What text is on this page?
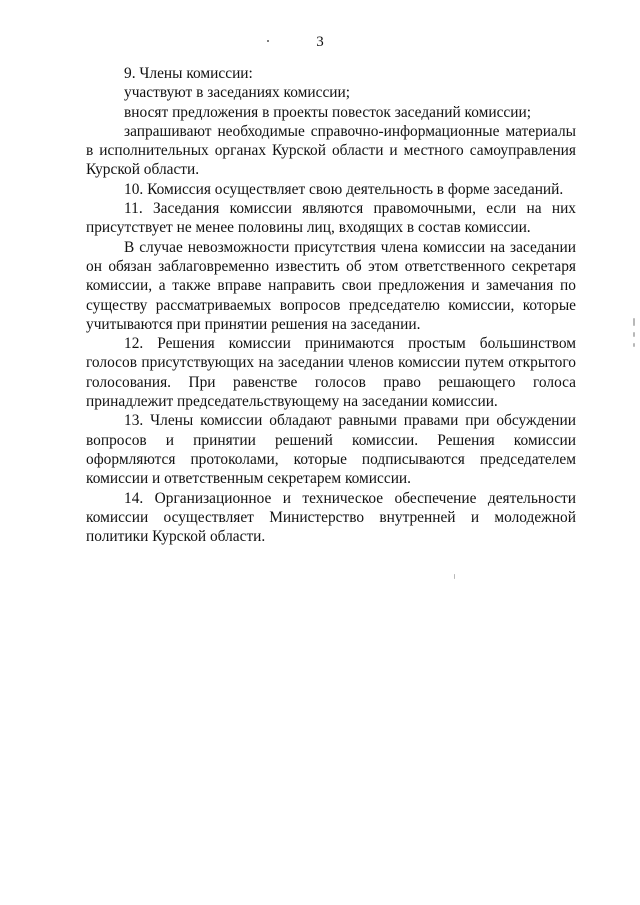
3

9. Члены комиссии:

участвуют в заседаниях комиссии;

вносят предложения в проекты повесток заседаний комиссии;

запрашивают необходимые справочно-информационные материалы в исполнительных органах Курской области и местного самоуправления Курской области.

10. Комиссия осуществляет свою деятельность в форме заседаний.

11. Заседания комиссии являются правомочными, если на них присутствует не менее половины лиц, входящих в состав комиссии.

В случае невозможности присутствия члена комиссии на заседании он обязан заблаговременно известить об этом ответственного секретаря комиссии, а также вправе направить свои предложения и замечания по существу рассматриваемых вопросов председателю комиссии, которые учитываются при принятии решения на заседании.

12. Решения комиссии принимаются простым большинством голосов присутствующих на заседании членов комиссии путем открытого голосования. При равенстве голосов право решающего голоса принадлежит председательствующему на заседании комиссии.

13. Члены комиссии обладают равными правами при обсуждении вопросов и принятии решений комиссии. Решения комиссии оформляются протоколами, которые подписываются председателем комиссии и ответственным секретарем комиссии.

14. Организационное и техническое обеспечение деятельности комиссии осуществляет Министерство внутренней и молодежной политики Курской области.
